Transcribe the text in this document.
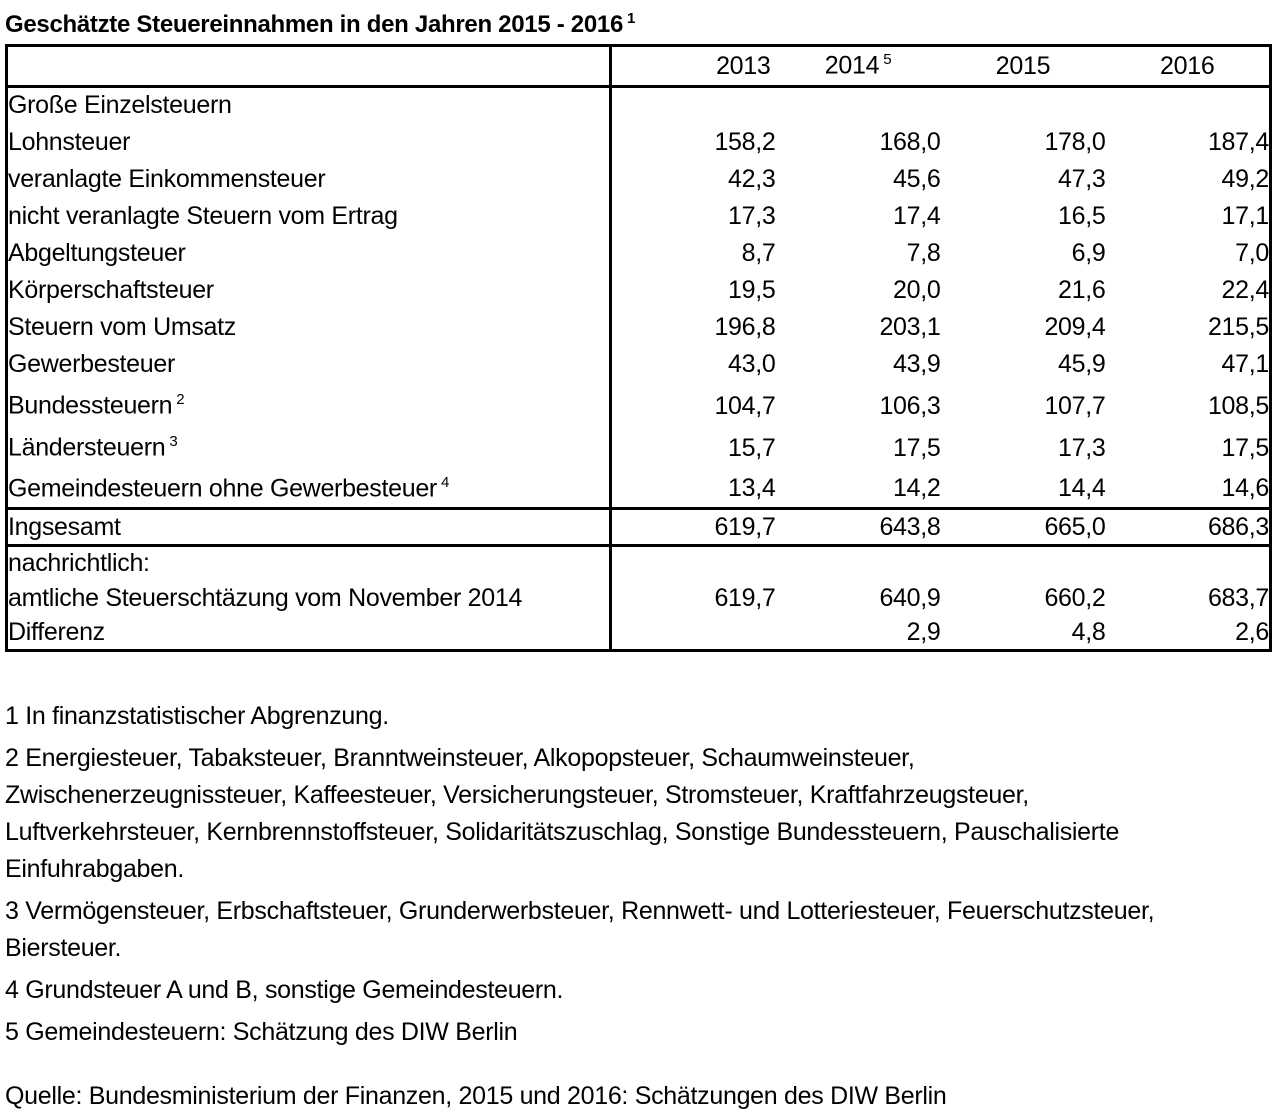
Geschätzte Steuereinnahmen in den Jahren 2015 - 2016 $^1$
	2013	2014 $^5$	2015	2016
Große Einzelsteuern				
Lohnsteuer	158,2	168,0	178,0	187,4
veranlagte Einkommensteuer	42,3	45,6	47,3	49,2
nicht veranlagte Steuern vom Ertrag	17,3	17,4	16,5	17,1
Abgeltungsteuer	8,7	7,8	6,9	7,0
Körperschaftsteuer	19,5	20,0	21,6	22,4
Steuern vom Umsatz	196,8	203,1	209,4	215,5
Gewerbesteuer	43,0	43,9	45,9	47,1
Bundessteuern $^2$	104,7	106,3	107,7	108,5
Ländersteuern $^3$	15,7	17,5	17,3	17,5
Gemeindesteuern ohne Gewerbesteuer $^4$	13,4	14,2	14,4	14,6
Ingsesamt	619,7	643,8	665,0	686,3
nachrichtlich:				
amtliche Steuerschtäzung vom November 2014	619,7	640,9	660,2	683,7
Differenz		2,9	4,8	2,6
1 In finanzstatistischer Abgrenzung.
2 Energiesteuer, Tabaksteuer, Branntweinsteuer, Alkopopsteuer, Schaumweinsteuer,
Zwischenerzeugnissteuer, Kaffeesteuer, Versicherungsteuer, Stromsteuer, Kraftfahrzeugsteuer,
Luftverkehrsteuer, Kernbrennstoffsteuer, Solidaritätszuschlag, Sonstige Bundessteuern, Pauschalisierte
Einfuhrabgaben.
3 Vermögensteuer, Erbschaftsteuer, Grunderwerbsteuer, Rennwett- und Lotteriesteuer, Feuerschutzsteuer,
Biersteuer.
4 Grundsteuer A und B, sonstige Gemeindesteuern.
5 Gemeindesteuern: Schätzung des DIW Berlin
Quelle: Bundesministerium der Finanzen, 2015 und 2016: Schätzungen des DIW Berlin
